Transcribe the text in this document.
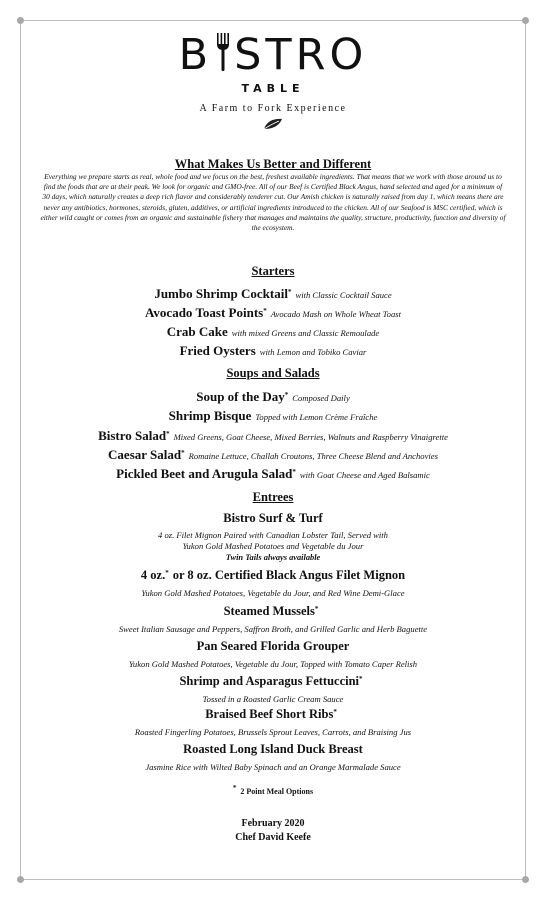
B STRO
TABLE
A Farm to Fork Experience
What Makes Us Better and Different
Everything we prepare starts as real, whole food and we focus on the best, freshest available ingredients. That means that we work with those around us to find the foods that are at their peak. We look for organic and GMO-free. All of our Beef is Certified Black Angus, hand selected and aged for a minimum of 30 days, which naturally creates a deep rich flavor and considerably tenderer cut. Our Amish chicken is naturally raised from day 1, which means there are never any antibiotics, hormones, steroids, gluten, additives, or artificial ingredients introduced to the chicken. All of our Seafood is MSC certified, which is either wild caught or comes from an organic and sustainable fishery that manages and maintains the quality, structure, productivity, function and diversity of the ecosystem.
Starters
Jumbo Shrimp Cocktail* with Classic Cocktail Sauce
Avocado Toast Points* Avocado Mash on Whole Wheat Toast
Crab Cake with mixed Greens and Classic Remoulade
Fried Oysters with Lemon and Tobiko Caviar
Soups and Salads
Soup of the Day* Composed Daily
Shrimp Bisque Topped with Lemon Crème Fraîche
Bistro Salad* Mixed Greens, Goat Cheese, Mixed Berries, Walnuts and Raspberry Vinaigrette
Caesar Salad* Romaine Lettuce, Challah Croutons, Three Cheese Blend and Anchovies
Pickled Beet and Arugula Salad* with Goat Cheese and Aged Balsamic
Entrees
Bistro Surf & Turf
4 oz. Filet Mignon Paired with Canadian Lobster Tail, Served with
Yukon Gold Mashed Potatoes and Vegetable du Jour
Twin Tails always available
4 oz.* or 8 oz. Certified Black Angus Filet Mignon
Yukon Gold Mashed Potatoes, Vegetable du Jour, and Red Wine Demi-Glace
Steamed Mussels*
Sweet Italian Sausage and Peppers, Saffron Broth, and Grilled Garlic and Herb Baguette
Pan Seared Florida Grouper
Yukon Gold Mashed Potatoes, Vegetable du Jour, Topped with Tomato Caper Relish
Shrimp and Asparagus Fettuccini*
Tossed in a Roasted Garlic Cream Sauce
Braised Beef Short Ribs*
Roasted Fingerling Potatoes, Brussels Sprout Leaves, Carrots, and Braising Jus
Roasted Long Island Duck Breast
Jasmine Rice with Wilted Baby Spinach and an Orange Marmalade Sauce
* 2 Point Meal Options
February 2020
Chef David Keefe
